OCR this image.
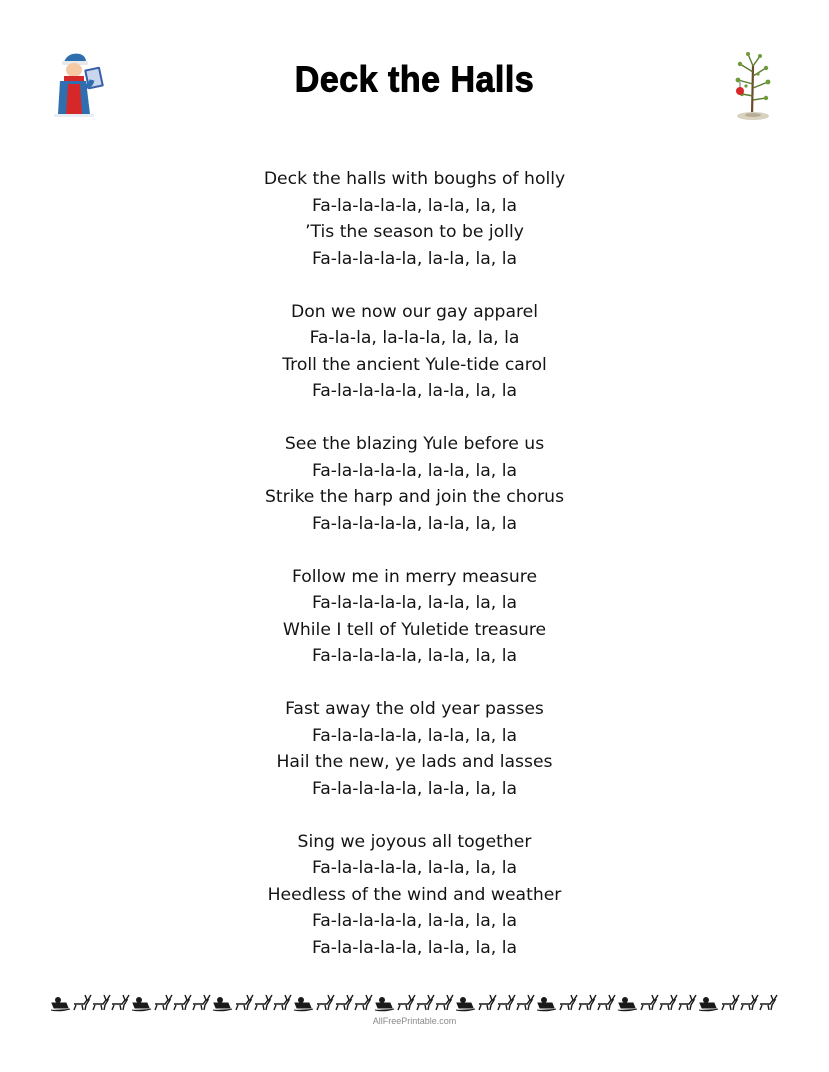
Deck the Halls
Deck the halls with boughs of holly
Fa-la-la-la-la, la-la, la, la
’Tis the season to be jolly
Fa-la-la-la-la, la-la, la, la
Don we now our gay apparel
Fa-la-la, la-la-la, la, la, la
Troll the ancient Yule-tide carol
Fa-la-la-la-la, la-la, la, la
See the blazing Yule before us
Fa-la-la-la-la, la-la, la, la
Strike the harp and join the chorus
Fa-la-la-la-la, la-la, la, la
Follow me in merry measure
Fa-la-la-la-la, la-la, la, la
While I tell of Yuletide treasure
Fa-la-la-la-la, la-la, la, la
Fast away the old year passes
Fa-la-la-la-la, la-la, la, la
Hail the new, ye lads and lasses
Fa-la-la-la-la, la-la, la, la
Sing we joyous all together
Fa-la-la-la-la, la-la, la, la
Heedless of the wind and weather
Fa-la-la-la-la, la-la, la, la
Fa-la-la-la-la, la-la, la, la
AllFreePrintable.com
